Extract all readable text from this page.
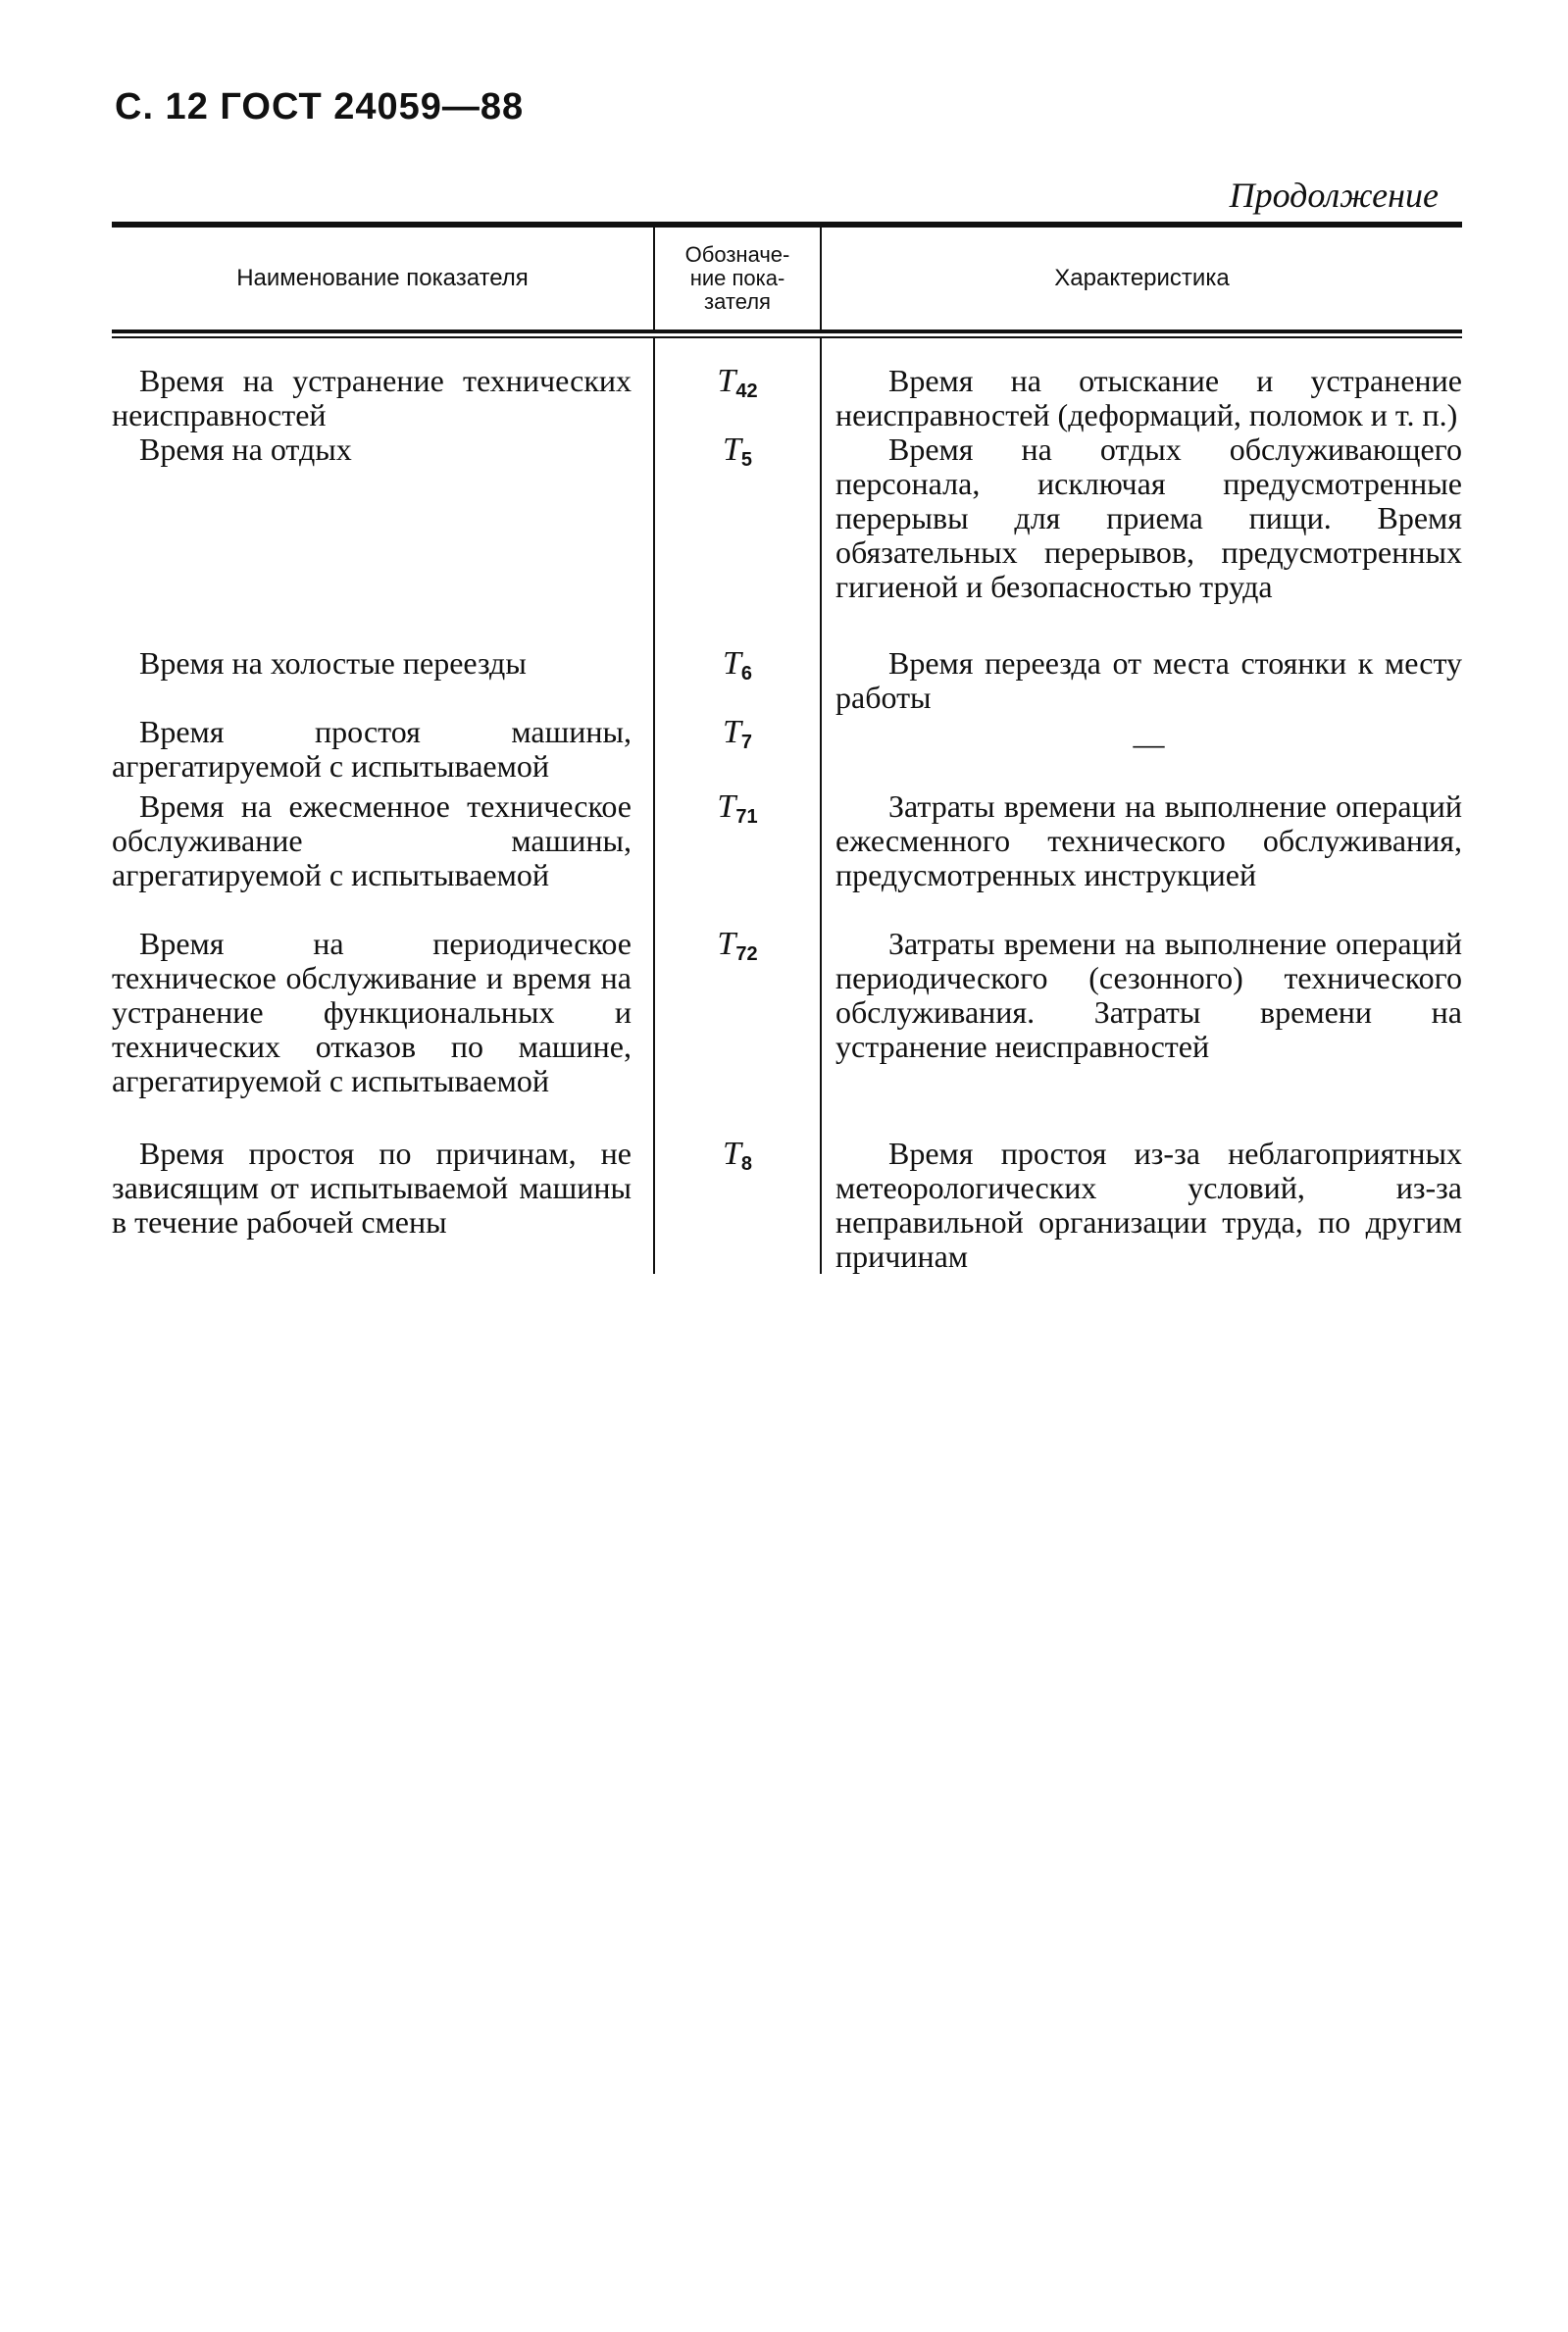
С. 12 ГОСТ 24059—88
Продолжение
Наименование показателя	Обозначе-
ние пока-
зателя	Характеристика
Время на устранение технических неисправностей	$T_{42}$	Время на отыскание и устранение неисправностей (деформаций, поломок и т. п.)

Время на отдых	$T_5$	Время на отдых обслуживающего персонала, исключая предусмотренные перерывы для приема пищи. Время обязательных перерывов, предусмотренных гигиеной и безопасностью труда

Время на холостые переезды	$T_6$	Время переезда от места стоянки к месту работы

Время простоя машины, агрегатируемой с испытываемой	$T_7$	—

Время на ежесменное техническое обслуживание машины, агрегатируемой с испытываемой	$T_{71}$	Затраты времени на выполнение операций ежесменного технического обслуживания, предусмотренных инструкцией

Время на периодическое техническое обслуживание и время на устранение функциональных и технических отказов по машине, агрегатируемой с испытываемой	$T_{72}$	Затраты времени на выполнение операций периодического (сезонного) технического обслуживания. Затраты времени на устранение неисправностей

Время простоя по причинам, не зависящим от испытываемой машины в течение рабочей смены	$T_8$	Время простоя из-за неблагоприятных метеорологических условий, из-за неправильной организации труда, по другим причинам
